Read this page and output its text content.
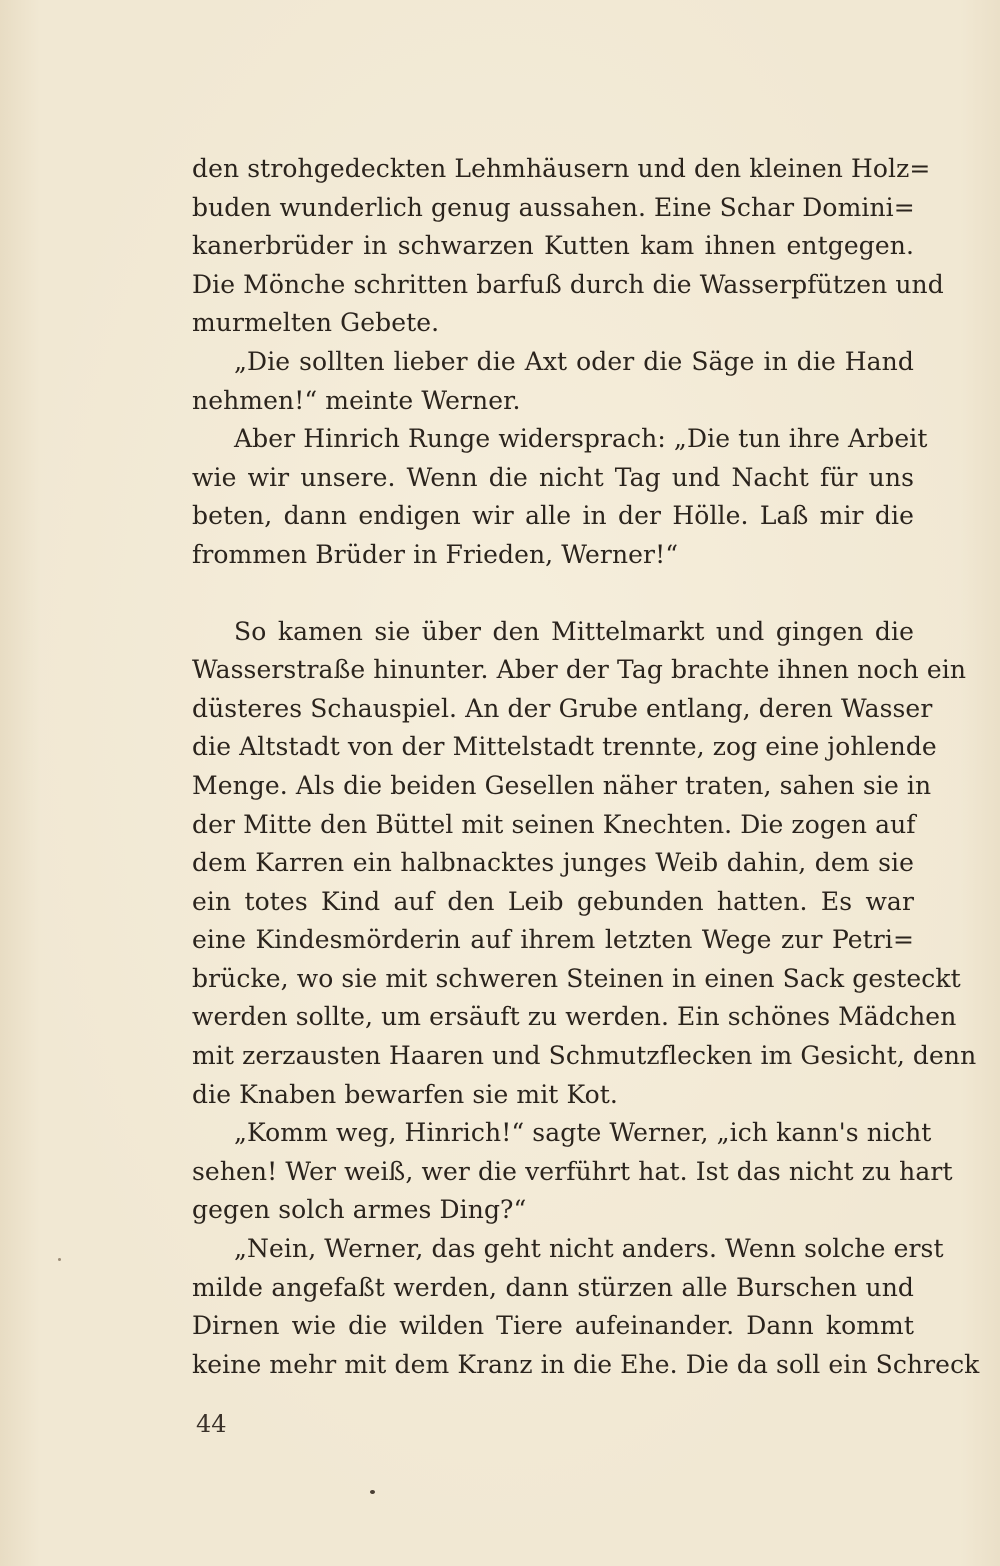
den strohgedeckten Lehmhäusern und den kleinen Holz=
buden wunderlich genug aussahen. Eine Schar Domini=
kanerbrüder in schwarzen Kutten kam ihnen entgegen.
Die Mönche schritten barfuß durch die Wasserpfützen und
murmelten Gebete.
„Die sollten lieber die Axt oder die Säge in die Hand
nehmen!“ meinte Werner.
Aber Hinrich Runge widersprach: „Die tun ihre Arbeit
wie wir unsere. Wenn die nicht Tag und Nacht für uns
beten, dann endigen wir alle in der Hölle. Laß mir die
frommen Brüder in Frieden, Werner!“
So kamen sie über den Mittelmarkt und gingen die
Wasserstraße hinunter. Aber der Tag brachte ihnen noch ein
düsteres Schauspiel. An der Grube entlang, deren Wasser
die Altstadt von der Mittelstadt trennte, zog eine johlende
Menge. Als die beiden Gesellen näher traten, sahen sie in
der Mitte den Büttel mit seinen Knechten. Die zogen auf
dem Karren ein halbnacktes junges Weib dahin, dem sie
ein totes Kind auf den Leib gebunden hatten. Es war
eine Kindesmörderin auf ihrem letzten Wege zur Petri=
brücke, wo sie mit schweren Steinen in einen Sack gesteckt
werden sollte, um ersäuft zu werden. Ein schönes Mädchen
mit zerzausten Haaren und Schmutzflecken im Gesicht, denn
die Knaben bewarfen sie mit Kot.
„Komm weg, Hinrich!“ sagte Werner, „ich kann's nicht
sehen! Wer weiß, wer die verführt hat. Ist das nicht zu hart
gegen solch armes Ding?“
„Nein, Werner, das geht nicht anders. Wenn solche erst
milde angefaßt werden, dann stürzen alle Burschen und
Dirnen wie die wilden Tiere aufeinander. Dann kommt
keine mehr mit dem Kranz in die Ehe. Die da soll ein Schreck
44
